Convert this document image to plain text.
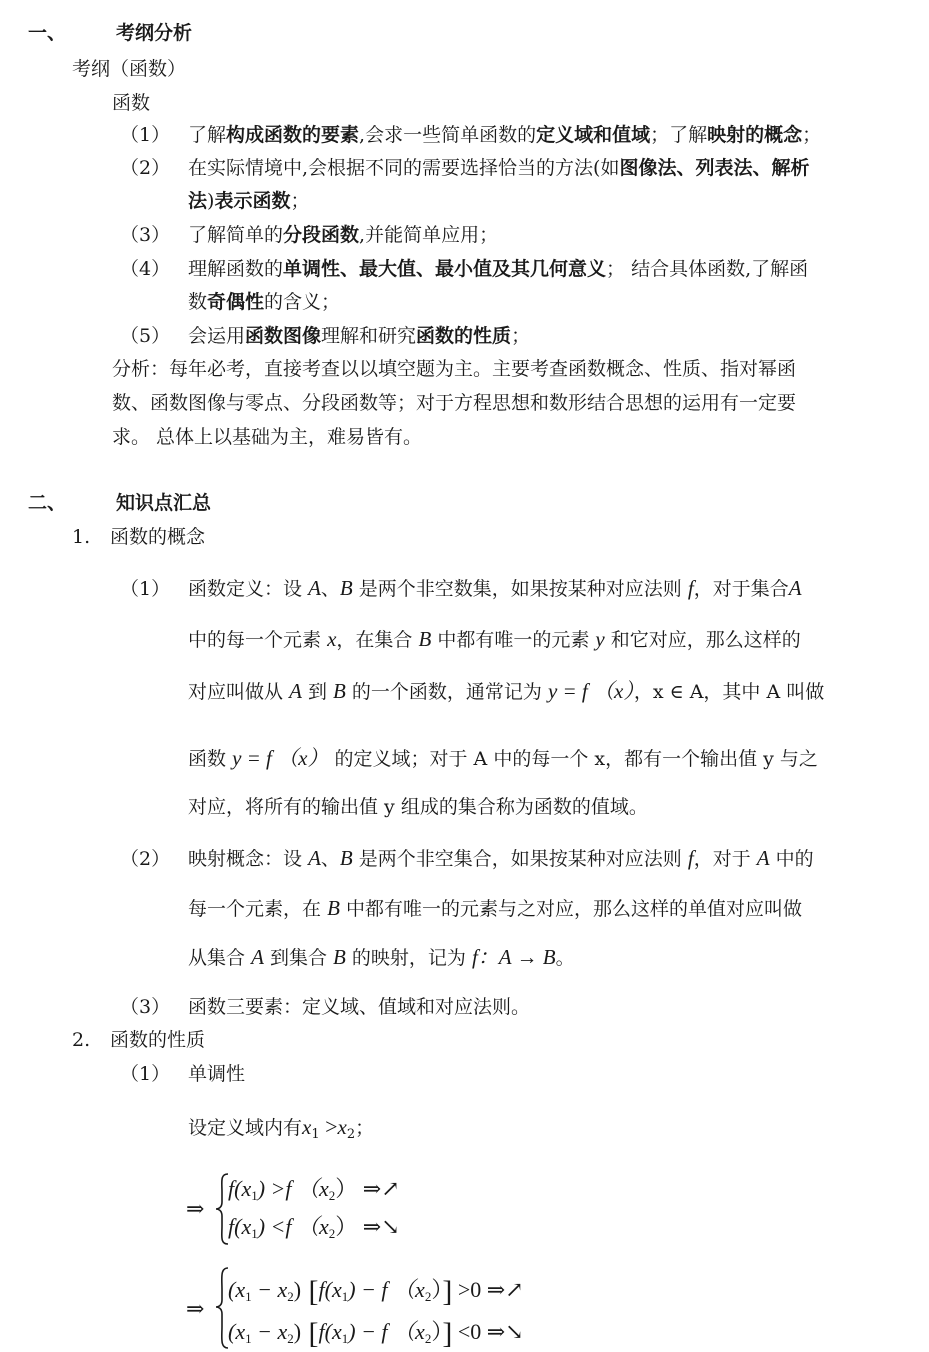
一、	考纲分析
考纲（函数）
函数
（1） 了解构成函数的要素,会求一些简单函数的定义域和值域；了解映射的概念；
（2） 在实际情境中,会根据不同的需要选择恰当的方法(如图像法、列表法、解析
法)表示函数；
（3） 了解简单的分段函数,并能简单应用；
（4） 理解函数的单调性、最大值、最小值及其几何意义； 结合具体函数,了解函
数奇偶性的含义；
（5） 会运用函数图像理解和研究函数的性质；
分析：每年必考，直接考查以以填空题为主。主要考查函数概念、性质、指对幂函
数、函数图像与零点、分段函数等；对于方程思想和数形结合思想的运用有一定要
求。 总体上以基础为主，难易皆有。
二、	知识点汇总
1. 函数的概念
（1） 函数定义：设 A、B 是两个非空数集，如果按某种对应法则 f，对于集合A
中的每一个元素 x，在集合 B 中都有唯一的元素 y 和它对应，那么这样的
对应叫做从 A 到 B 的一个函数，通常记为 y = f （x），x ∈ A，其中 A 叫做
函数 y = f （x） 的定义域；对于 A 中的每一个 x，都有一个输出值 y 与之
对应，将所有的输出值 y 组成的集合称为函数的值域。
（2） 映射概念：设 A、B 是两个非空集合，如果按某种对应法则 f，对于 A 中的
每一个元素，在 B 中都有唯一的元素与之对应，那么这样的单值对应叫做
从集合 A 到集合 B 的映射，记为 f：A → B。
（3） 函数三要素：定义域、值域和对应法则。
2. 函数的性质
（1） 单调性
设定义域内有$x_1 >x_2$；
⇒
$f(x_1) >f$ $(x_2)$ ⇒↗
$f(x_1) <f$ $(x_2)$ ⇒↘
⇒
$(x_1 - x_2) [f(x_1) - f$ $(x_2)] >0$ ⇒↗
$(x_1 - x_2) [f(x_1) - f$ $(x_2)] <0$ ⇒↘
